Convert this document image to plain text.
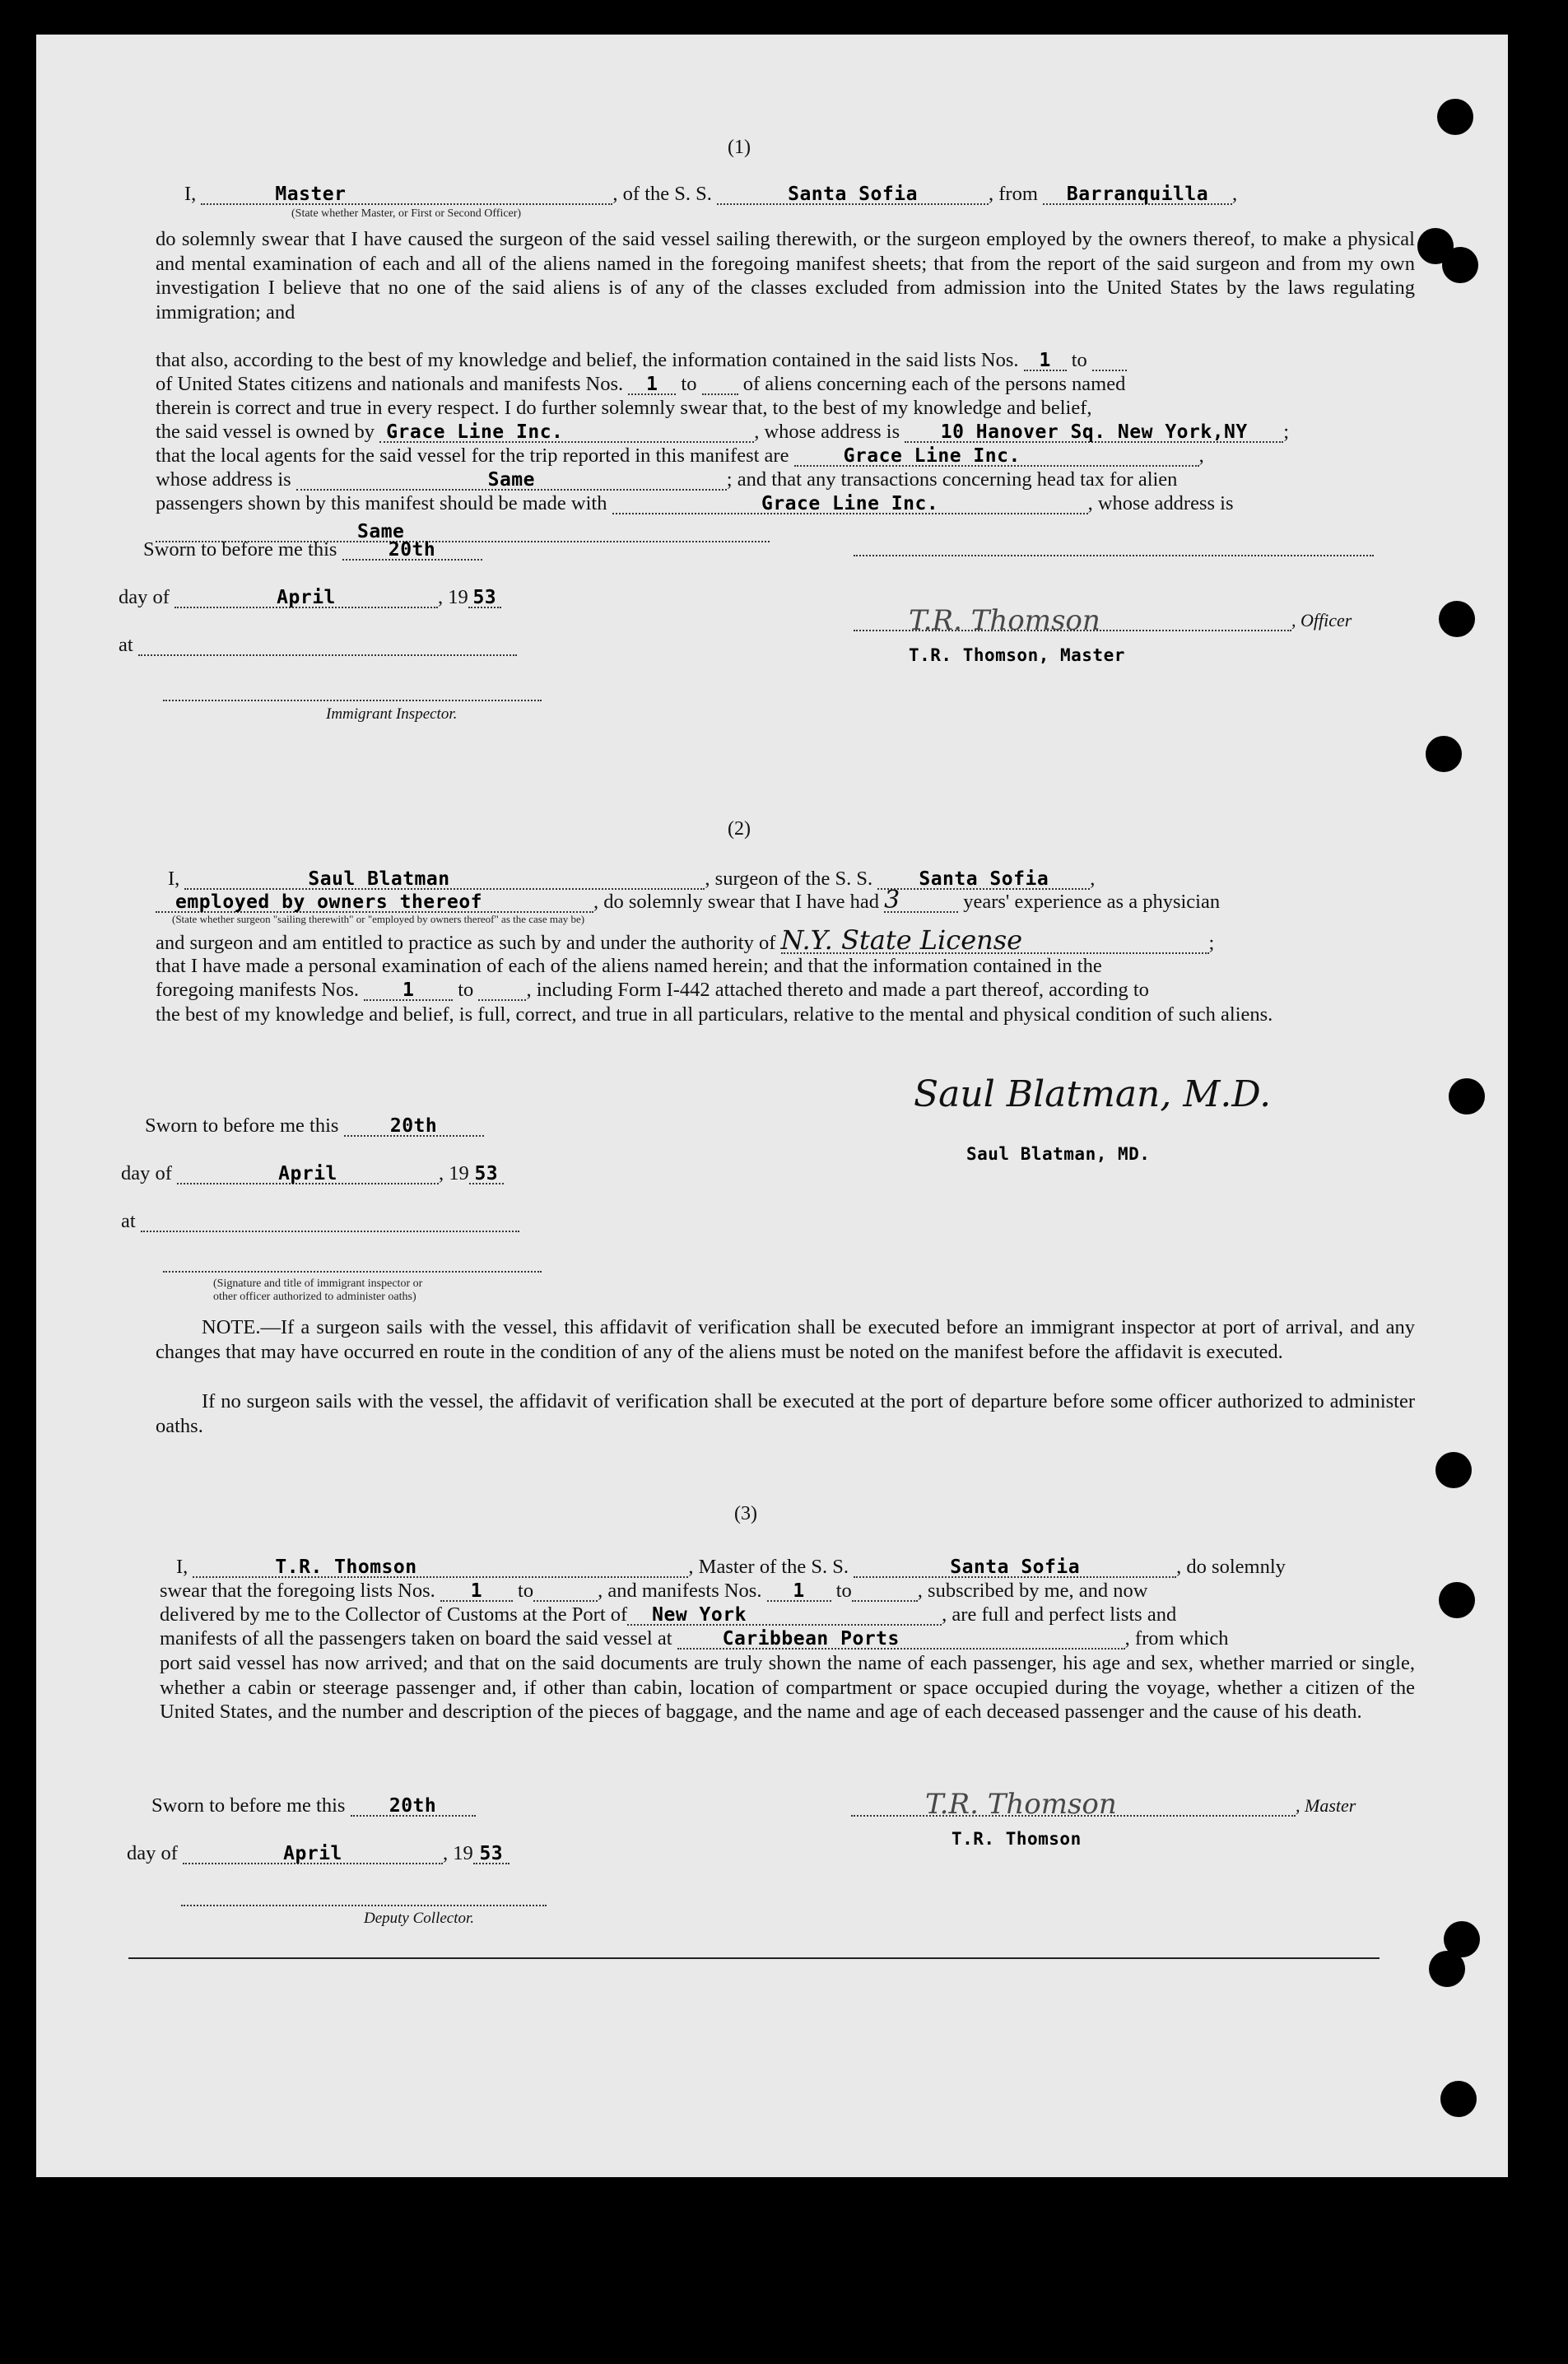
(1)
I,	Master	, of the S. S.	Santa Sofia	, from Barranquilla ,
(State whether Master, or First or Second Officer)
do solemnly swear that I have caused the surgeon of the said vessel sailing therewith, or the surgeon employed by the owners thereof, to make a physical and mental examination of each and all of the aliens named in the foregoing manifest sheets; that from the report of the said surgeon and from my own investigation I believe that no one of the said aliens is of any of the classes excluded from admission into the United States by the laws regulating immigration; and
that also, according to the best of my knowledge and belief, the information contained in the said lists Nos. 1 to
of United States citizens and nationals and manifests Nos. 1 to of aliens concerning each of the persons named
therein is correct and true in every respect. I do further solemnly swear that, to the best of my knowledge and belief,
the said vessel is owned by Grace Line Inc.	, whose address is 10 Hanover Sq. New York,NY ;
that the local agents for the said vessel for the trip reported in this manifest are	Grace Line Inc.	,
whose address is	Same	; and that any transactions concerning head tax for alien
passengers shown by this manifest should be made with	Grace Line Inc.	, whose address is
Same
Sworn to before me this	20th
day of	April	, 19 53
at
Immigrant Inspector.
, Officer
T.R. Thomson
T.R. Thomson, Master
(2)
I,	Saul Blatman	, surgeon of the S. S. Santa Sofia ,
employed by owners thereof	, do solemnly swear that I have had 3	years' experience as a physician
(State whether surgeon "sailing therewith" or "employed by owners thereof" as the case may be)
and surgeon and am entitled to practice as such by and under the authority of N.Y. State License	;
that I have made a personal examination of each of the aliens named herein; and that the information contained in the
foregoing manifests Nos. 1 to	, including Form I-442 attached thereto and made a part thereof, according to
the best of my knowledge and belief, is full, correct, and true in all particulars, relative to the mental and physical condition of such aliens.
Sworn to before me this	20th
day of	April	, 19 53
at
(Signature and title of immigrant inspector or
other officer authorized to administer oaths)
Saul Blatman, M.D.
Saul Blatman, MD.
NOTE.—If a surgeon sails with the vessel, this affidavit of verification shall be executed before an immigrant inspector at port of arrival, and any changes that may have occurred en route in the condition of any of the aliens must be noted on the manifest before the affidavit is executed.
If no surgeon sails with the vessel, the affidavit of verification shall be executed at the port of departure before some officer authorized to administer oaths.
(3)
I,	T.R. Thomson	, Master of the S. S.	Santa Sofia	, do solemnly
swear that the foregoing lists Nos. 1 to	, and manifests Nos. 1 to	, subscribed by me, and now
delivered by me to the Collector of Customs at the Port of New York	, are full and perfect lists and
manifests of all the passengers taken on board the said vessel at	Caribbean Ports	, from which
port said vessel has now arrived; and that on the said documents are truly shown the name of each passenger, his age and sex, whether married or single, whether a cabin or steerage passenger and, if other than cabin, location of compartment or space occupied during the voyage, whether a citizen of the United States, and the number and description of the pieces of baggage, and the name and age of each deceased passenger and the cause of his death.
Sworn to before me this 20th	, Master
T.R. Thomson
T.R. Thomson
day of	April	, 19 53
Deputy Collector.
